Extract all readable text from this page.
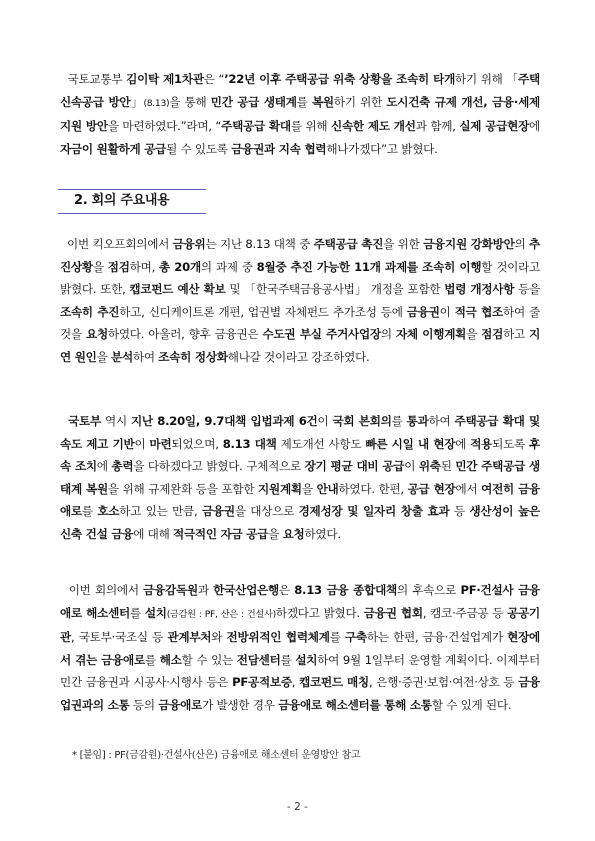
국토교통부 김이탁 제1차관은 “’22년 이후 주택공급 위축 상황을 조속히 타개하기 위해 「주택 신속공급 방안」(8.13)을 통해 민간 공급 생태계를 복원하기 위한 도시건축 규제 개선, 금융·세제 지원 방안을 마련하였다.”라며, “주택공급 확대를 위해 신속한 제도 개선과 함께, 실제 공급현장에 자금이 원활하게 공급될 수 있도록 금융권과 지속 협력해나가겠다”고 밝혔다.

2. 회의 주요내용

이번 킥오프회의에서 금융위는 지난 8.13 대책 중 주택공급 촉진을 위한 금융지원 강화방안의 추진상황을 점검하며, 총 20개의 과제 중 8월중 추진 가능한 11개 과제를 조속히 이행할 것이라고 밝혔다. 또한, 캡코펀드 예산 확보 및 「한국주택금융공사법」 개정을 포함한 법령 개정사항 등을 조속히 추진하고, 신디케이트론 개편, 업권별 자체펀드 추가조성 등에 금융권이 적극 협조하여 줄 것을 요청하였다. 아울러, 향후 금융권은 수도권 부실 주거사업장의 자체 이행계획을 점검하고 지연 원인을 분석하여 조속히 정상화해나갈 것이라고 강조하였다.

국토부 역시 지난 8.20일, 9.7대책 입법과제 6건이 국회 본회의를 통과하여 주택공급 확대 및 속도 제고 기반이 마련되었으며, 8.13 대책 제도개선 사항도 빠른 시일 내 현장에 적용되도록 후속 조치에 총력을 다하겠다고 밝혔다. 구체적으로 장기 평균 대비 공급이 위축된 민간 주택공급 생태계 복원을 위해 규제완화 등을 포함한 지원계획을 안내하였다. 한편, 공급 현장에서 여전히 금융 애로를 호소하고 있는 만큼, 금융권을 대상으로 경제성장 및 일자리 창출 효과 등 생산성이 높은 신축 건설 금융에 대해 적극적인 자금 공급을 요청하였다.

이번 회의에서 금융감독원과 한국산업은행은 8.13 금융 종합대책의 후속으로 PF·건설사 금융애로 해소센터를 설치(금감원 : PF, 산은 : 건설사)하겠다고 밝혔다. 금융권 협회, 캠코·주금공 등 공공기관, 국토부·국조실 등 관계부처와 전방위적인 협력체계를 구축하는 한편, 금융·건설업계가 현장에서 겪는 금융애로를 해소할 수 있는 전담센터를 설치하여 9월 1일부터 운영할 계획이다. 이제부터 민간 금융권과 시공사·시행사 등은 PF공적보증, 캡코펀드 매칭, 은행·증권·보험·여전·상호 등 금융업권과의 소통 등의 금융애로가 발생한 경우 금융애로 해소센터를 통해 소통할 수 있게 된다.

* [붙임] : PF(금감원)·건설사(산은) 금융애로 해소센터 운영방안 참고
- 2 -
